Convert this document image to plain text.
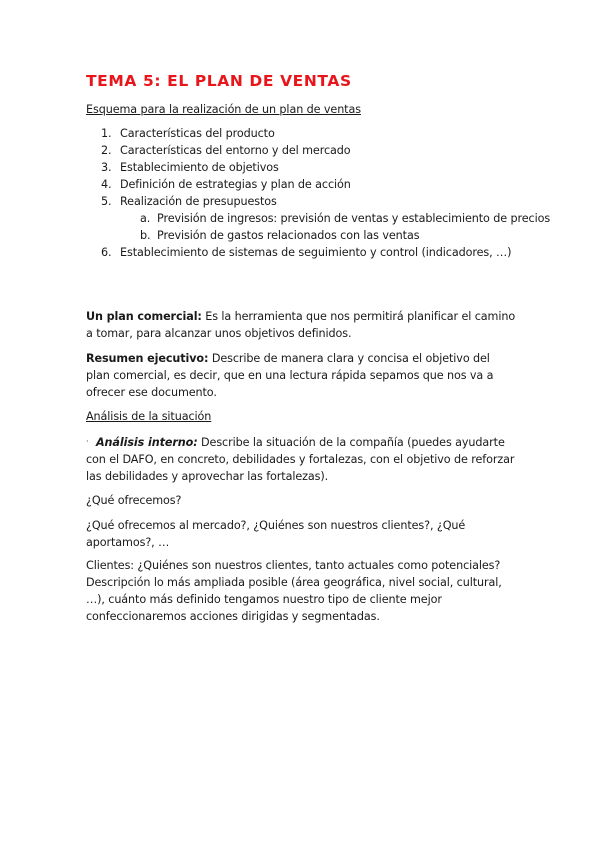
TEMA 5: EL PLAN DE VENTAS
Esquema para la realización de un plan de ventas
Características del producto
Características del entorno y del mercado
Establecimiento de objetivos
Definición de estrategias y plan de acción
Realización de presupuestos
Previsión de ingresos: previsión de ventas y establecimiento de precios
Previsión de gastos relacionados con las ventas
Establecimiento de sistemas de seguimiento y control (indicadores, …)

Un plan comercial: Es la herramienta que nos permitirá planificar el camino a tomar, para alcanzar unos objetivos definidos.

Resumen ejecutivo: Describe de manera clara y concisa el objetivo del plan comercial, es decir, que en una lectura rápida sepamos que nos va a ofrecer ese documento.

Análisis de la situación

· Análisis interno: Describe la situación de la compañía (puedes ayudarte con el DAFO, en concreto, debilidades y fortalezas, con el objetivo de reforzar las debilidades y aprovechar las fortalezas).

¿Qué ofrecemos?

¿Qué ofrecemos al mercado?, ¿Quiénes son nuestros clientes?, ¿Qué aportamos?, …

Clientes: ¿Quiénes son nuestros clientes, tanto actuales como potenciales? Descripción lo más ampliada posible (área geográfica, nivel social, cultural, …), cuánto más definido tengamos nuestro tipo de cliente mejor confeccionaremos acciones dirigidas y segmentadas.
